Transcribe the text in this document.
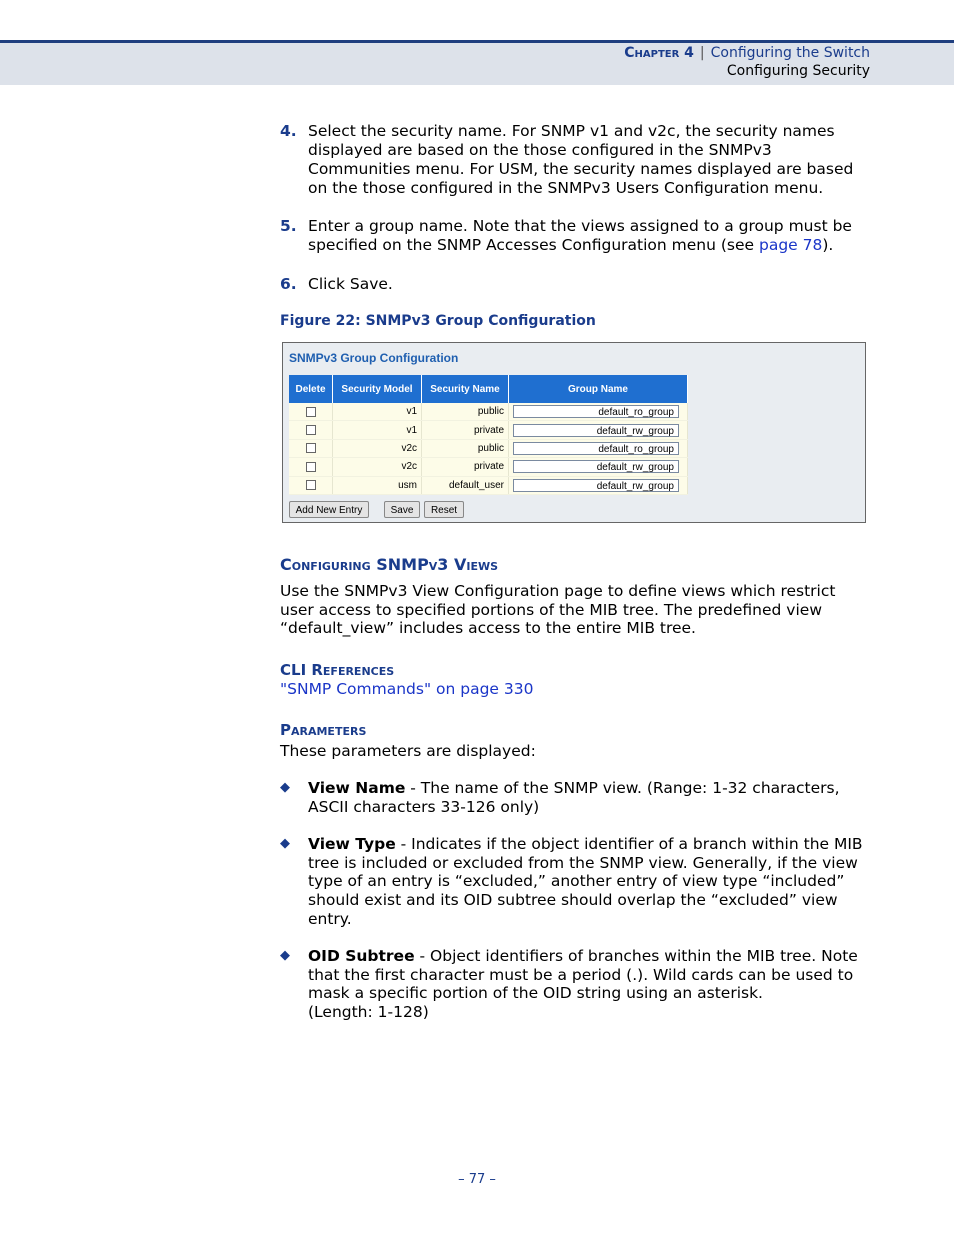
Chapter 4 | Configuring the Switch
Configuring Security
4. Select the security name. For SNMP v1 and v2c, the security names displayed are based on the those configured in the SNMPv3 Communities menu. For USM, the security names displayed are based on the those configured in the SNMPv3 Users Configuration menu.
5. Enter a group name. Note that the views assigned to a group must be specified on the SNMP Accesses Configuration menu (see page 78).
6. Click Save.
Figure 22: SNMPv3 Group Configuration
SNMPv3 Group Configuration
Delete	Security Model	Security Name	Group Name
	v1	public	default_ro_group

	v1	private	default_rw_group

	v2c	public	default_ro_group

	v2c	private	default_rw_group

	usm	default_user	default_rw_group
Add New Entry	Save	Reset
Configuring SNMPv3 Views
Use the SNMPv3 View Configuration page to define views which restrict user access to specified portions of the MIB tree. The predefined view “default_view” includes access to the entire MIB tree.
CLI References
"SNMP Commands" on page 330
Parameters
These parameters are displayed:
◆ View Name - The name of the SNMP view. (Range: 1-32 characters, ASCII characters 33-126 only)
◆ View Type - Indicates if the object identifier of a branch within the MIB tree is included or excluded from the SNMP view. Generally, if the view type of an entry is “excluded,” another entry of view type “included” should exist and its OID subtree should overlap the “excluded” view entry.
◆ OID Subtree - Object identifiers of branches within the MIB tree. Note that the first character must be a period (.). Wild cards can be used to mask a specific portion of the OID string using an asterisk.
(Length: 1-128)
– 77 –
